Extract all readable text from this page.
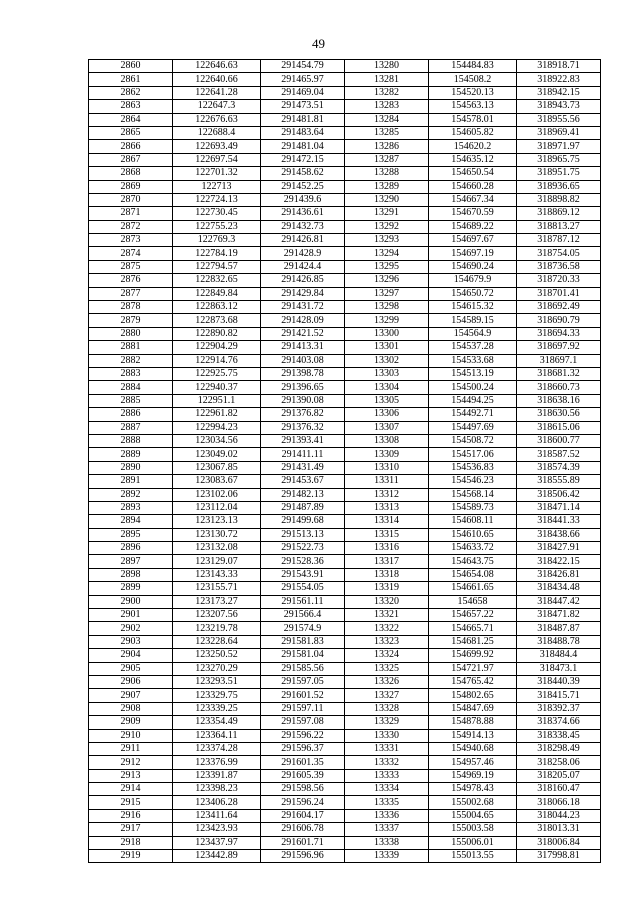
49
2860	122646.63	291454.79	13280	154484.83	318918.71
2861	122640.66	291465.97	13281	154508.2	318922.83
2862	122641.28	291469.04	13282	154520.13	318942.15
2863	122647.3	291473.51	13283	154563.13	318943.73
2864	122676.63	291481.81	13284	154578.01	318955.56
2865	122688.4	291483.64	13285	154605.82	318969.41
2866	122693.49	291481.04	13286	154620.2	318971.97
2867	122697.54	291472.15	13287	154635.12	318965.75
2868	122701.32	291458.62	13288	154650.54	318951.75
2869	122713	291452.25	13289	154660.28	318936.65
2870	122724.13	291439.6	13290	154667.34	318898.82
2871	122730.45	291436.61	13291	154670.59	318869.12
2872	122755.23	291432.73	13292	154689.22	318813.27
2873	122769.3	291426.81	13293	154697.67	318787.12
2874	122784.19	291428.9	13294	154697.19	318754.05
2875	122794.57	291424.4	13295	154690.24	318736.58
2876	122832.65	291426.85	13296	154679.9	318720.33
2877	122849.84	291429.84	13297	154650.72	318701.41
2878	122863.12	291431.72	13298	154615.32	318692.49
2879	122873.68	291428.09	13299	154589.15	318690.79
2880	122890.82	291421.52	13300	154564.9	318694.33
2881	122904.29	291413.31	13301	154537.28	318697.92
2882	122914.76	291403.08	13302	154533.68	318697.1
2883	122925.75	291398.78	13303	154513.19	318681.32
2884	122940.37	291396.65	13304	154500.24	318660.73
2885	122951.1	291390.08	13305	154494.25	318638.16
2886	122961.82	291376.82	13306	154492.71	318630.56
2887	122994.23	291376.32	13307	154497.69	318615.06
2888	123034.56	291393.41	13308	154508.72	318600.77
2889	123049.02	291411.11	13309	154517.06	318587.52
2890	123067.85	291431.49	13310	154536.83	318574.39
2891	123083.67	291453.67	13311	154546.23	318555.89
2892	123102.06	291482.13	13312	154568.14	318506.42
2893	123112.04	291487.89	13313	154589.73	318471.14
2894	123123.13	291499.68	13314	154608.11	318441.33
2895	123130.72	291513.13	13315	154610.65	318438.66
2896	123132.08	291522.73	13316	154633.72	318427.91
2897	123129.07	291528.36	13317	154643.75	318422.15
2898	123143.33	291543.91	13318	154654.08	318426.81
2899	123155.71	291554.05	13319	154661.65	318434.48
2900	123173.27	291561.11	13320	154658	318447.42
2901	123207.56	291566.4	13321	154657.22	318471.82
2902	123219.78	291574.9	13322	154665.71	318487.87
2903	123228.64	291581.83	13323	154681.25	318488.78
2904	123250.52	291581.04	13324	154699.92	318484.4
2905	123270.29	291585.56	13325	154721.97	318473.1
2906	123293.51	291597.05	13326	154765.42	318440.39
2907	123329.75	291601.52	13327	154802.65	318415.71
2908	123339.25	291597.11	13328	154847.69	318392.37
2909	123354.49	291597.08	13329	154878.88	318374.66
2910	123364.11	291596.22	13330	154914.13	318338.45
2911	123374.28	291596.37	13331	154940.68	318298.49
2912	123376.99	291601.35	13332	154957.46	318258.06
2913	123391.87	291605.39	13333	154969.19	318205.07
2914	123398.23	291598.56	13334	154978.43	318160.47
2915	123406.28	291596.24	13335	155002.68	318066.18
2916	123411.64	291604.17	13336	155004.65	318044.23
2917	123423.93	291606.78	13337	155003.58	318013.31
2918	123437.97	291601.71	13338	155006.01	318006.84
2919	123442.89	291596.96	13339	155013.55	317998.81
